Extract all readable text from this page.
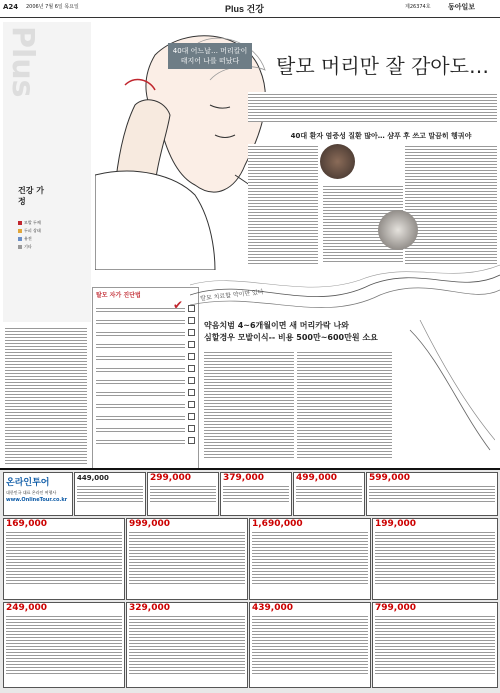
A24 2006년 7월 6일 목요일	Plus 건강	제26374호 동아일보
Plus
건강 가정
모발 두께
두피 상태
유전
기타
40대 어느날… 머리칼이 태지어 나를 떠났다
탈모 자가 진단법
✔
탈모 머리만 잘 감아도…
40대 환자 염증성 질환 많아… 샴푸 후 쓰고 말끔히 헹궈야
탈모 치료할 약이만 있다
약음치범 4~6개월이면 새 머리카락 나와
심할경우 모발이식-- 비용 500만~600만원 소요
온라인투어
대한민국 대표 온라인 여행사
www.OnlineTour.co.kr
449,000	299,000	379,000	499,000	599,000
169,000	999,000	1,690,000	199,000
249,000	329,000	439,000	799,000
